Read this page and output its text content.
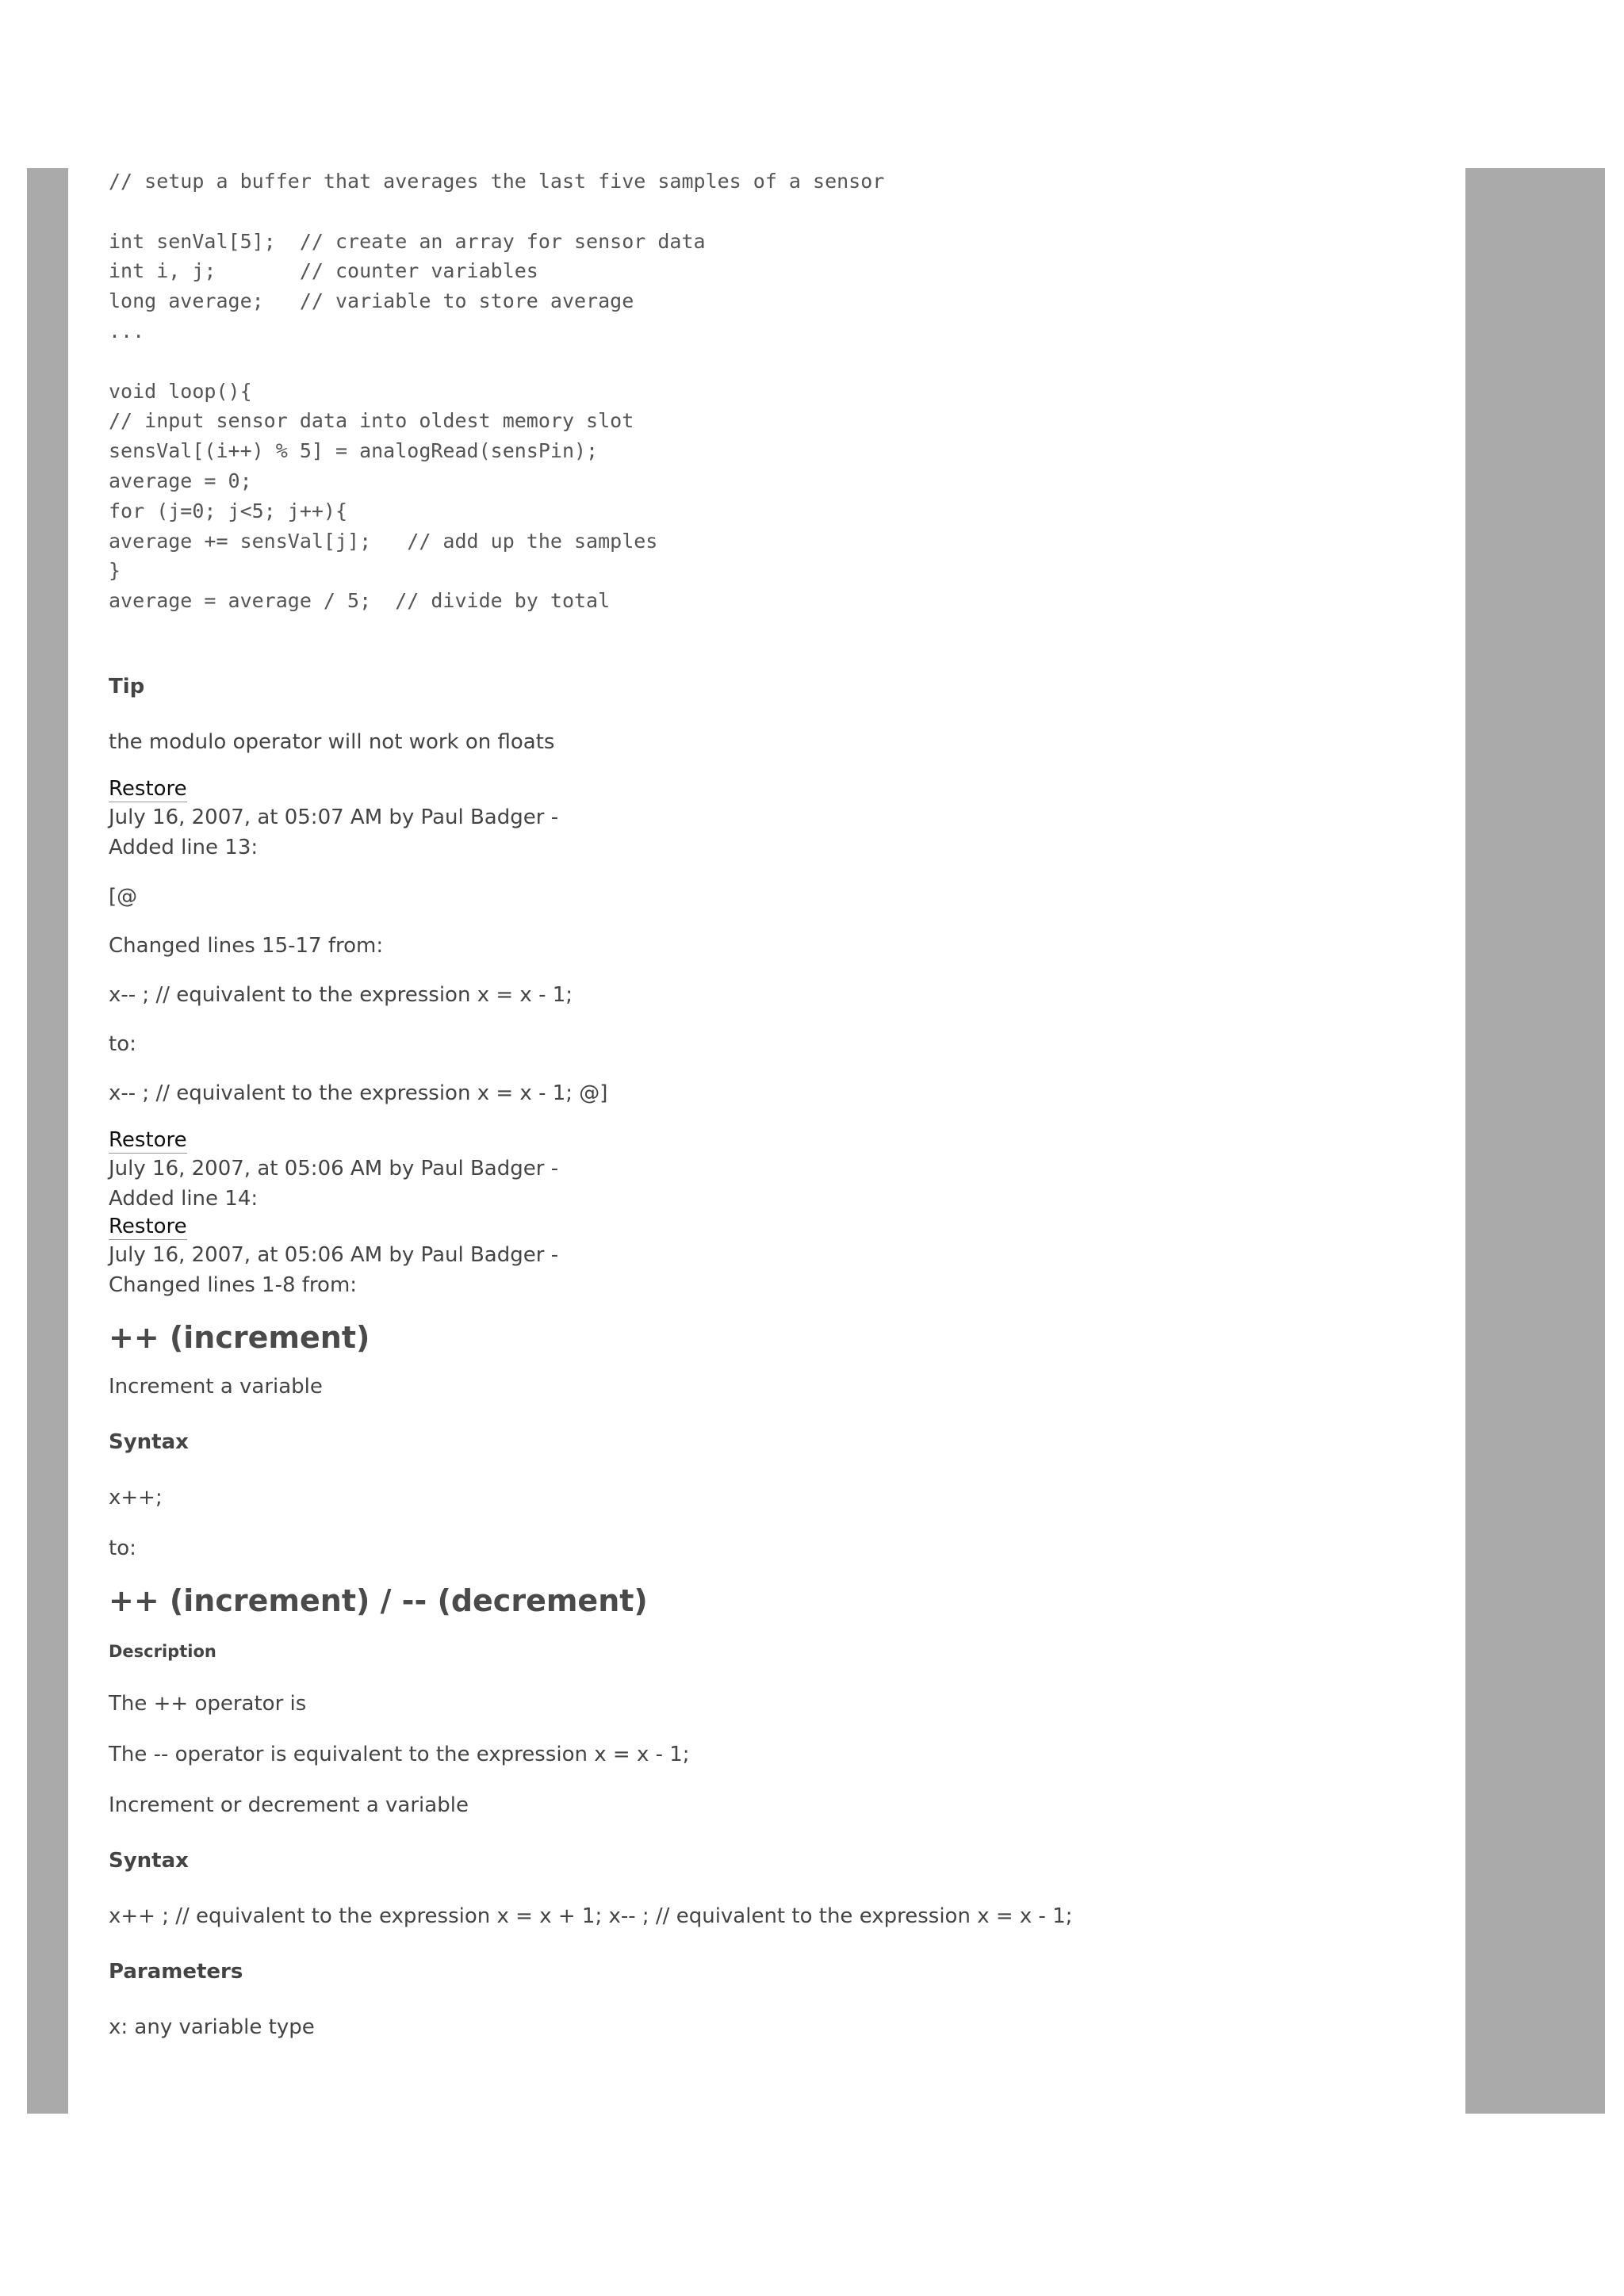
// setup a buffer that averages the last five samples of a sensor

int senVal[5];  // create an array for sensor data
int i, j;       // counter variables
long average;   // variable to store average
...

void loop(){
// input sensor data into oldest memory slot
sensVal[(i++) % 5] = analogRead(sensPin);
average = 0;
for (j=0; j<5; j++){
average += sensVal[j];   // add up the samples
}
average = average / 5;  // divide by total

Tip

the modulo operator will not work on floats

Restore

July 16, 2007, at 05:07 AM by Paul Badger -

Added line 13:

[@

Changed lines 15-17 from:

x-- ; // equivalent to the expression x = x - 1;

to:

x-- ; // equivalent to the expression x = x - 1; @]

Restore

July 16, 2007, at 05:06 AM by Paul Badger -

Added line 14:

Restore

July 16, 2007, at 05:06 AM by Paul Badger -

Changed lines 1-8 from:

++ (increment)

Increment a variable

Syntax

x++;

to:

++ (increment) / -- (decrement)
Description

The ++ operator is

The -- operator is equivalent to the expression x = x - 1;

Increment or decrement a variable

Syntax

x++ ; // equivalent to the expression x = x + 1; x-- ; // equivalent to the expression x = x - 1;

Parameters

x: any variable type
